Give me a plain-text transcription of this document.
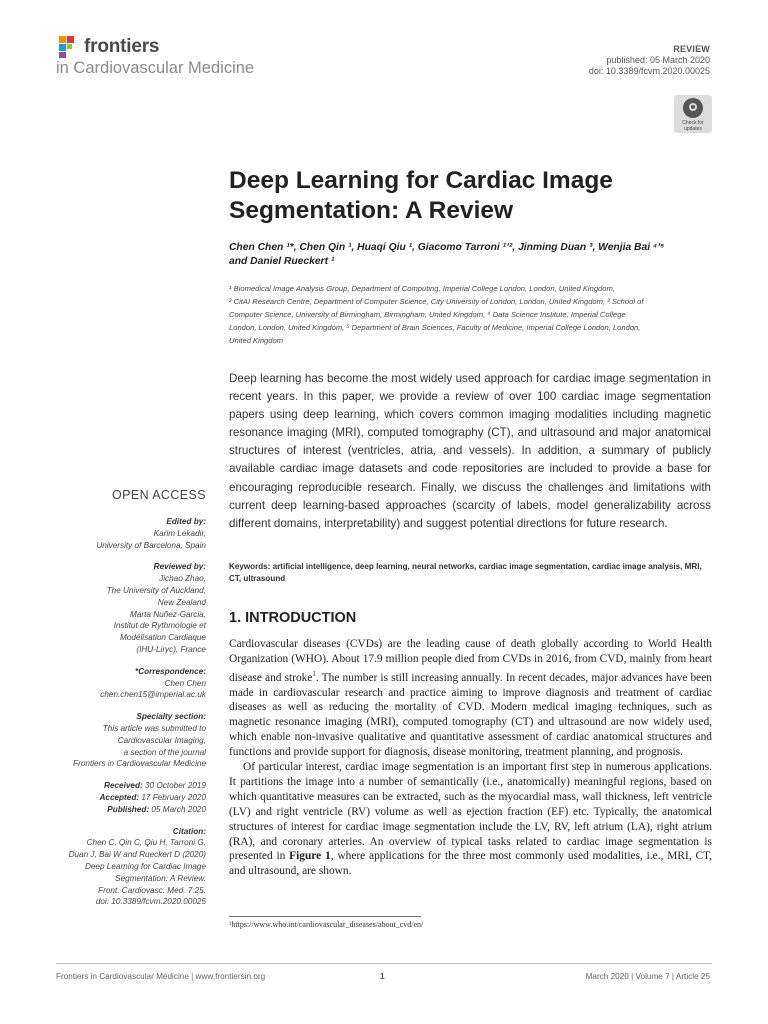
frontiers
in Cardiovascular Medicine
REVIEW
published: 05 March 2020
doi: 10.3389/fcvm.2020.00025
Check for updates
Deep Learning for Cardiac Image Segmentation: A Review
Chen Chen ¹*, Chen Qin ¹, Huaqi Qiu ¹, Giacomo Tarroni ¹ʼ², Jinming Duan ³, Wenjia Bai ⁴ʼ⁵
and Daniel Rueckert ¹
¹ Biomedical Image Analysis Group, Department of Computing, Imperial College London, London, United Kingdom,
² CitAI Research Centre, Department of Computer Science, City University of London, London, United Kingdom, ³ School of
Computer Science, University of Birmingham, Birmingham, United Kingdom, ⁴ Data Science Institute, Imperial College
London, London, United Kingdom, ⁵ Department of Brain Sciences, Faculty of Medicine, Imperial College London, London,
United Kingdom
Deep learning has become the most widely used approach for cardiac image segmentation in recent years. In this paper, we provide a review of over 100 cardiac image segmentation papers using deep learning, which covers common imaging modalities including magnetic resonance imaging (MRI), computed tomography (CT), and ultrasound and major anatomical structures of interest (ventricles, atria, and vessels). In addition, a summary of publicly available cardiac image datasets and code repositories are included to provide a base for encouraging reproducible research. Finally, we discuss the challenges and limitations with current deep learning-based approaches (scarcity of labels, model generalizability across different domains, interpretability) and suggest potential directions for future research.
Keywords: artificial intelligence, deep learning, neural networks, cardiac image segmentation, cardiac image analysis, MRI, CT, ultrasound
OPEN ACCESS
Edited by:
Karim Lekadir,
University of Barcelona, Spain
Reviewed by:
Jichao Zhao,
The University of Auckland,
New Zealand
Marta Nuñez-Garcia,
Institut de Rythmologie et
Modélisation Cardiaque
(IHU-Liryc), France
*Correspondence:
Chen Chen
chen.chen15@imperial.ac.uk
Specialty section:
This article was submitted to
Cardiovascular Imaging,
a section of the journal
Frontiers in Cardiovascular Medicine
Received: 30 October 2019
Accepted: 17 February 2020
Published: 05 March 2020
Citation:
Chen C, Qin C, Qiu H, Tarroni G,
Duan J, Bai W and Rueckert D (2020)
Deep Learning for Cardiac Image
Segmentation: A Review.
Front. Cardiovasc. Med. 7:25.
doi: 10.3389/fcvm.2020.00025
1. INTRODUCTION

Cardiovascular diseases (CVDs) are the leading cause of death globally according to World Health Organization (WHO). About 17.9 million people died from CVDs in 2016, from CVD, mainly from heart disease and stroke$^1$. The number is still increasing annually. In recent decades, major advances have been made in cardiovascular research and practice aiming to improve diagnosis and treatment of cardiac diseases as well as reducing the mortality of CVD. Modern medical imaging techniques, such as magnetic resonance imaging (MRI), computed tomography (CT) and ultrasound are now widely used, which enable non-invasive qualitative and quantitative assessment of cardiac anatomical structures and functions and provide support for diagnosis, disease monitoring, treatment planning, and prognosis.

Of particular interest, cardiac image segmentation is an important first step in numerous applications. It partitions the image into a number of semantically (i.e., anatomically) meaningful regions, based on which quantitative measures can be extracted, such as the myocardial mass, wall thickness, left ventricle (LV) and right ventricle (RV) volume as well as ejection fraction (EF) etc. Typically, the anatomical structures of interest for cardiac image segmentation include the LV, RV, left atrium (LA), right atrium (RA), and coronary arteries. An overview of typical tasks related to cardiac image segmentation is presented in Figure 1, where applications for the three most commonly used modalities, i.e., MRI, CT, and ultrasound, are shown.

¹https://www.who.int/cardiovascular_diseases/about_cvd/en/
Frontiers in Cardiovascular Medicine | www.frontiersin.org	1	March 2020 | Volume 7 | Article 25
